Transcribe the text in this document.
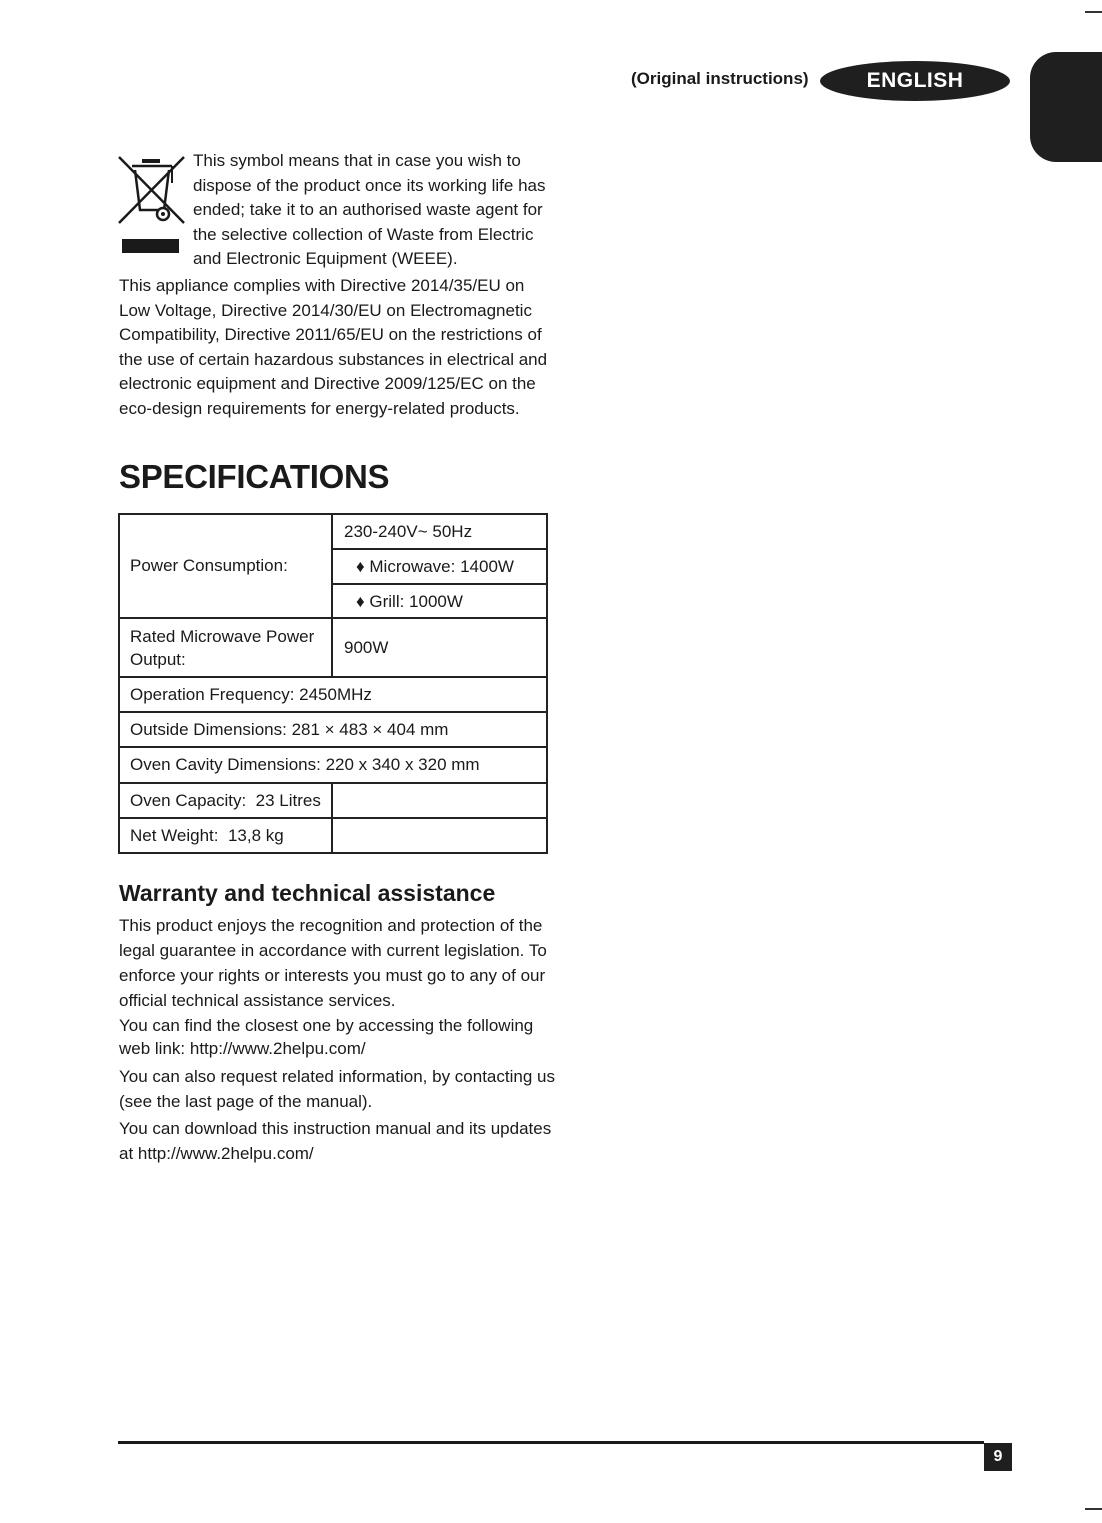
(Original instructions)	ENGLISH
This symbol means that in case you wish to dispose of the product once its working life has ended; take it to an authorised waste agent for the selective collection of Waste from Electric and Electronic Equipment (WEEE).
This appliance complies with Directive 2014/35/EU on Low Voltage, Directive 2014/30/EU on Electromagnetic Compatibility, Directive 2011/65/EU on the restrictions of the use of certain hazardous substances in electrical and electronic equipment and Directive 2009/125/EC on the eco-design requirements for energy-related products.
SPECIFICATIONS
Power Consumption:
230-240V~ 50Hz
♦ Microwave: 1400W
♦ Grill: 1000W
Rated Microwave Power Output:
900W
Operation Frequency: 2450MHz
Outside Dimensions: 281 × 483 × 404 mm
Oven Cavity Dimensions: 220 x 340 x 320 mm
Oven Capacity:  23 Litres
Net Weight:  13,8 kg
Warranty and technical assistance
This product enjoys the recognition and protection of the legal guarantee in accordance with current legislation. To enforce your rights or interests you must go to any of our official technical assistance services.
You can find the closest one by accessing the following web link: http://www.2helpu.com/
You can also request related information, by contacting us (see the last page of the manual).
You can download this instruction manual and its updates at http://www.2helpu.com/
9
